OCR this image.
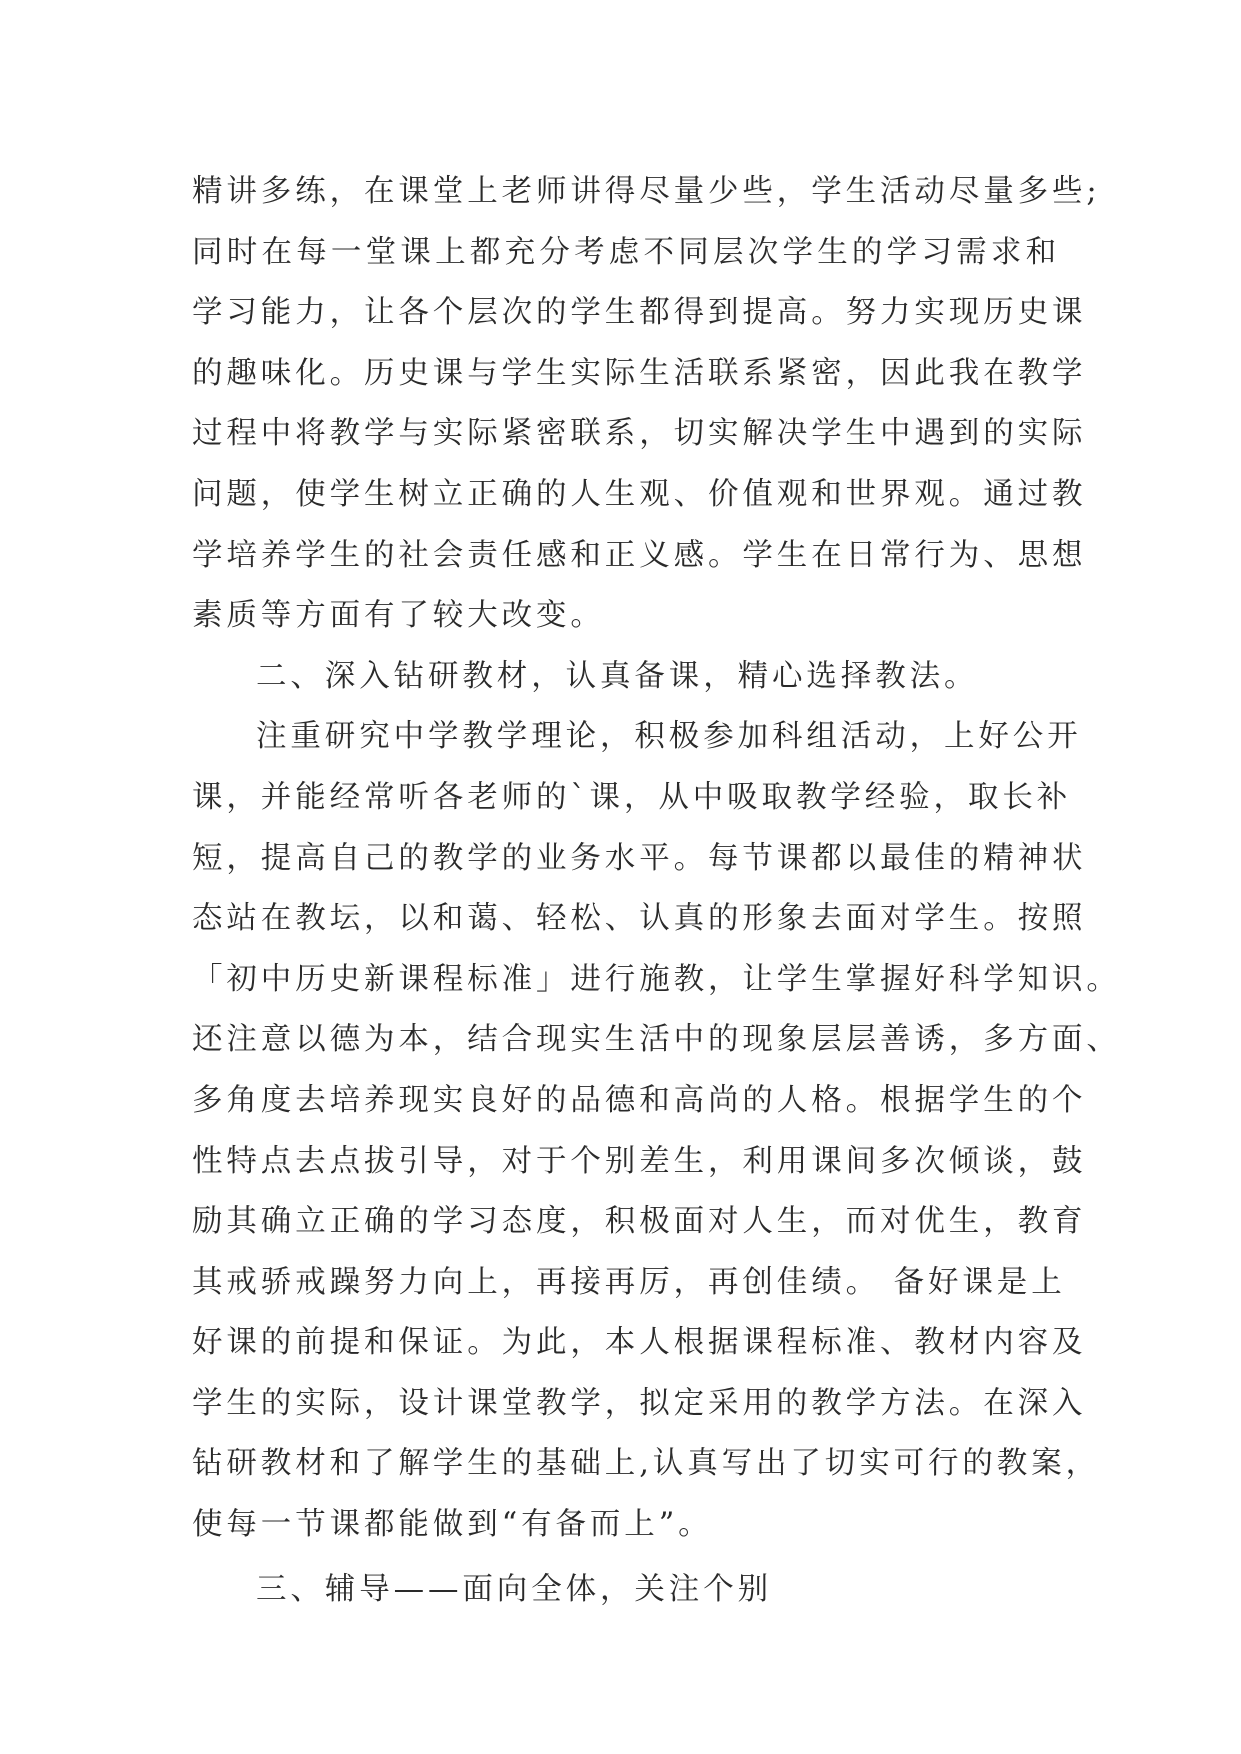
精讲多练，在课堂上老师讲得尽量少些，学生活动尽量多些;
同时在每一堂课上都充分考虑不同层次学生的学习需求和
学习能力，让各个层次的学生都得到提高。努力实现历史课
的趣味化。历史课与学生实际生活联系紧密，因此我在教学
过程中将教学与实际紧密联系，切实解决学生中遇到的实际
问题，使学生树立正确的人生观、价值观和世界观。通过教
学培养学生的社会责任感和正义感。学生在日常行为、思想
素质等方面有了较大改变。
二、深入钻研教材，认真备课，精心选择教法。
注重研究中学教学理论，积极参加科组活动，上好公开
课，并能经常听各老师的`课，从中吸取教学经验，取长补
短，提高自己的教学的业务水平。每节课都以最佳的精神状
态站在教坛，以和蔼、轻松、认真的形象去面对学生。按照
「初中历史新课程标准」进行施教，让学生掌握好科学知识。
还注意以德为本，结合现实生活中的现象层层善诱，多方面、
多角度去培养现实良好的品德和高尚的人格。根据学生的个
性特点去点拔引导，对于个别差生，利用课间多次倾谈，鼓
励其确立正确的学习态度，积极面对人生，而对优生，教育
其戒骄戒躁努力向上，再接再厉，再创佳绩。 备好课是上
好课的前提和保证。为此，本人根据课程标准、教材内容及
学生的实际，设计课堂教学，拟定采用的教学方法。在深入
钻研教材和了解学生的基础上,认真写出了切实可行的教案，
使每一节课都能做到“有备而上”。
三、辅导——面向全体，关注个别
